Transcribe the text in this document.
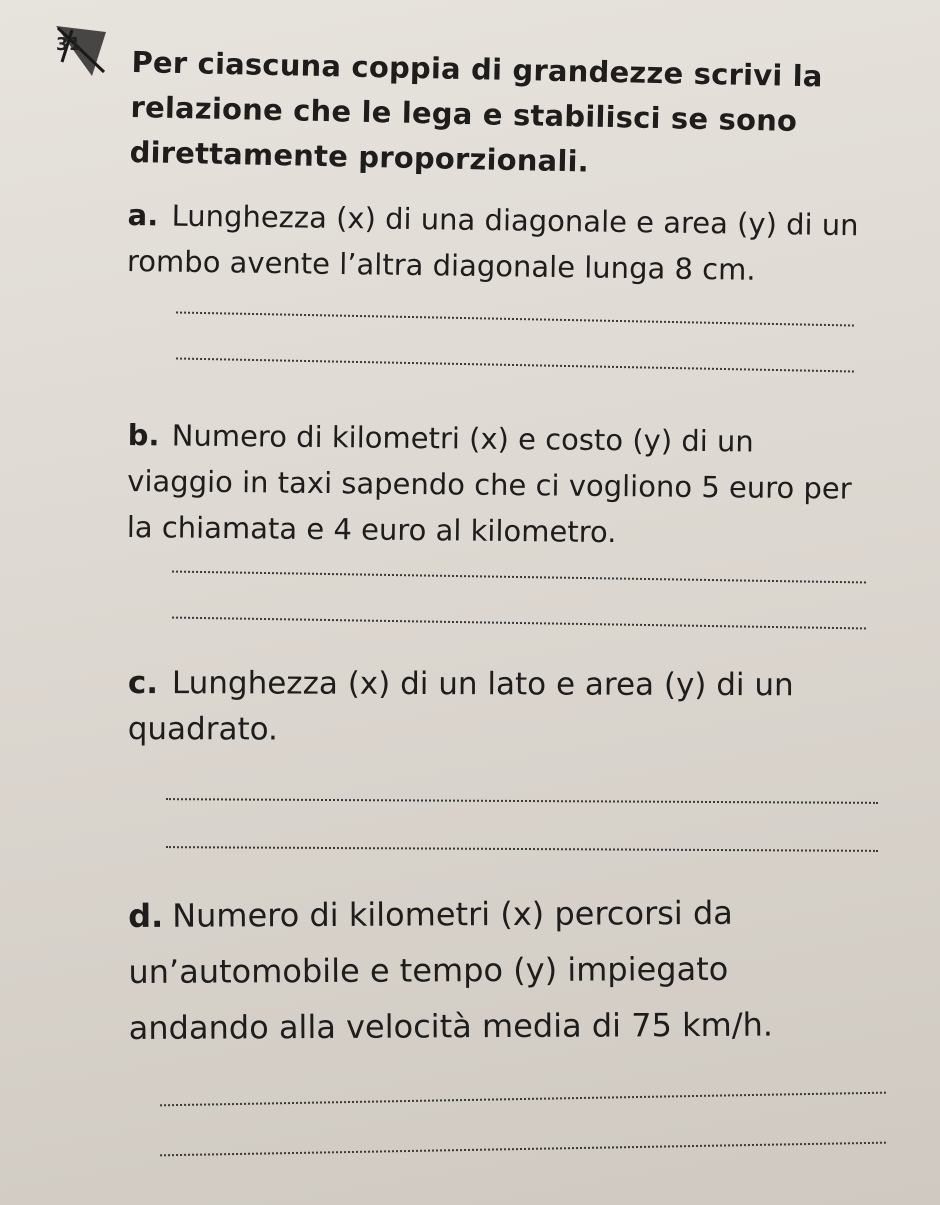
31
Per ciascuna coppia di grandezze scrivi la relazione che le lega e stabilisci se sono direttamente proporzionali.
a. Lunghezza (x) di una diagonale e area (y) di un rombo avente l’altra diagonale lunga 8 cm.
b. Numero di kilometri (x) e costo (y) di un viaggio in taxi sapendo che ci vogliono 5 euro per la chiamata e 4 euro al kilometro.
c. Lunghezza (x) di un lato e area (y) di un quadrato.
d. Numero di kilometri (x) percorsi da un’automobile e tempo (y) impiegato andando alla velocità media di 75 km/h.
